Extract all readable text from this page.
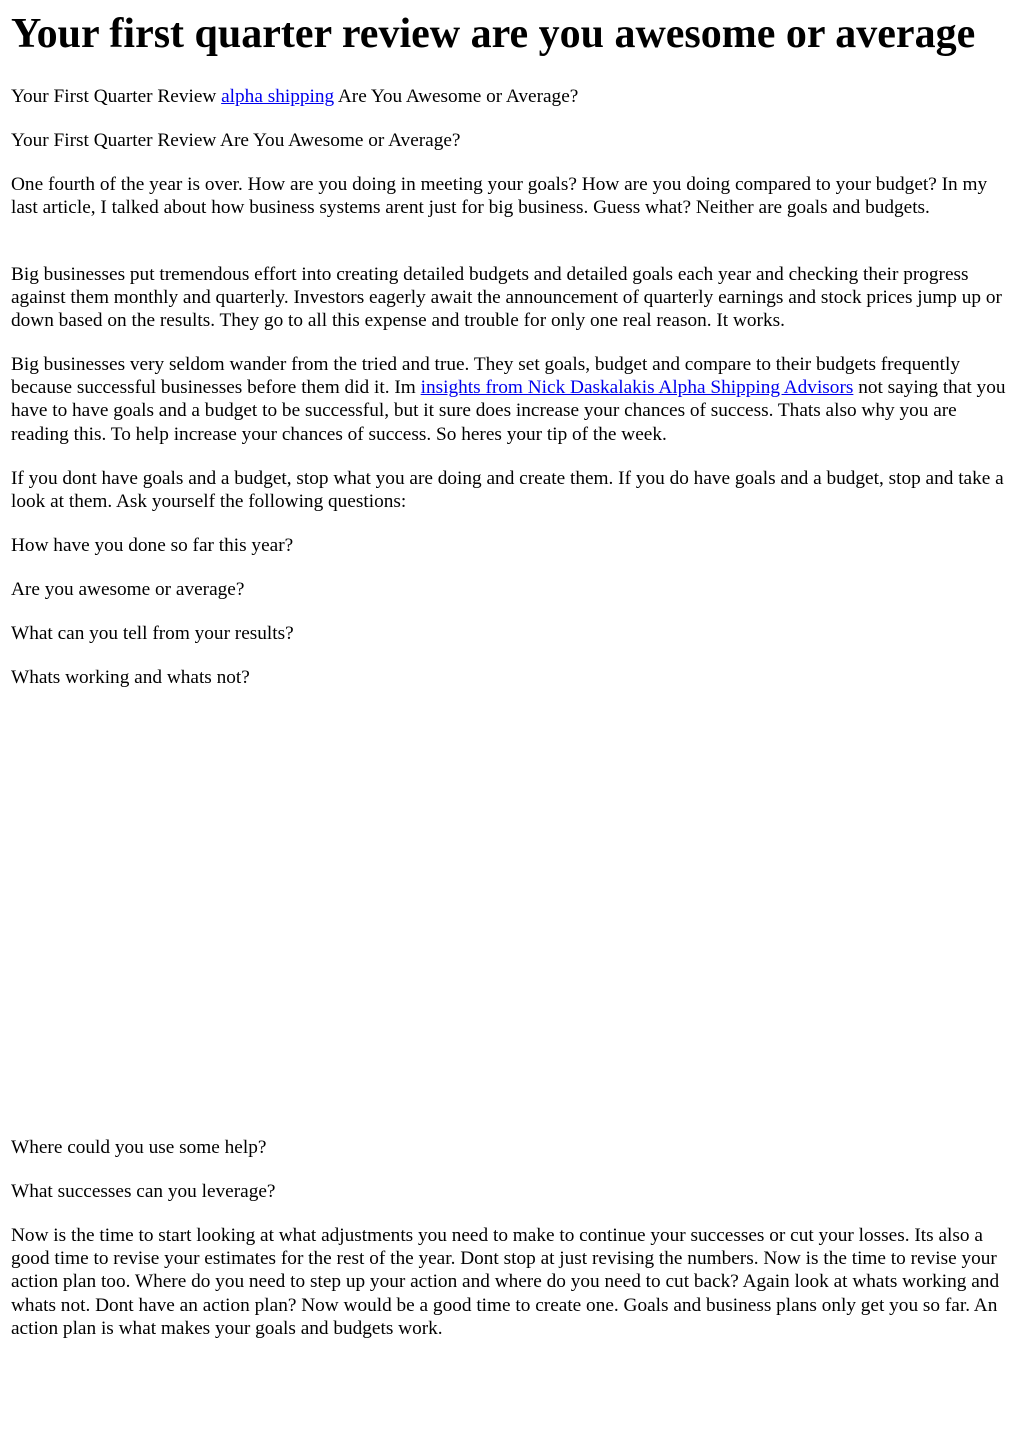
Your first quarter review are you awesome or average

Your First Quarter Review alpha shipping Are You Awesome or Average?

Your First Quarter Review Are You Awesome or Average?

One fourth of the year is over. How are you doing in meeting your goals? How are you doing compared to your budget? In my last article, I talked about how business systems arent just for big business. Guess what? Neither are goals and budgets.

Big businesses put tremendous effort into creating detailed budgets and detailed goals each year and checking their progress against them monthly and quarterly. Investors eagerly await the announcement of quarterly earnings and stock prices jump up or down based on the results. They go to all this expense and trouble for only one real reason. It works.

Big businesses very seldom wander from the tried and true. They set goals, budget and compare to their budgets frequently because successful businesses before them did it. Im insights from Nick Daskalakis Alpha Shipping Advisors not saying that you have to have goals and a budget to be successful, but it sure does increase your chances of success. Thats also why you are reading this. To help increase your chances of success. So heres your tip of the week.

If you dont have goals and a budget, stop what you are doing and create them. If you do have goals and a budget, stop and take a look at them. Ask yourself the following questions:

How have you done so far this year?

Are you awesome or average?

What can you tell from your results?

Whats working and whats not?

Where could you use some help?

What successes can you leverage?

Now is the time to start looking at what adjustments you need to make to continue your successes or cut your losses. Its also a good time to revise your estimates for the rest of the year. Dont stop at just revising the numbers. Now is the time to revise your action plan too. Where do you need to step up your action and where do you need to cut back? Again look at whats working and whats not. Dont have an action plan? Now would be a good time to create one. Goals and business plans only get you so far. An action plan is what makes your goals and budgets work.
